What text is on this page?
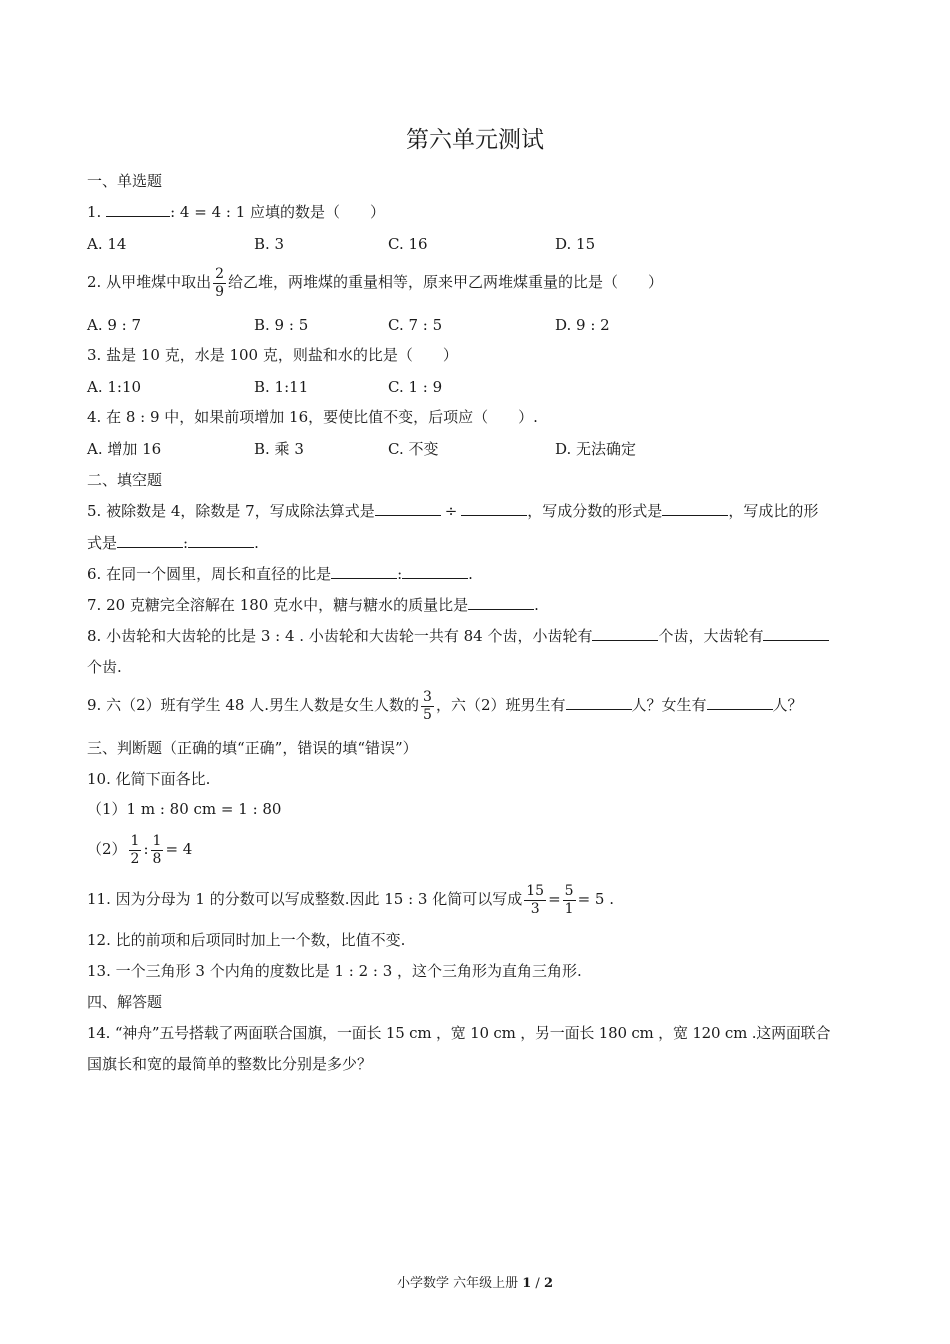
第六单元测试
一、单选题
1.	: 4 = 4 : 1 应填的数是（　　）
A. 14	B. 3	C. 16	D. 15
2. 从甲堆煤中取出 $\frac{2}{9}$ 给乙堆，两堆煤的重量相等，原来甲乙两堆煤重量的比是（　　）
A. 9 : 7	B. 9 : 5	C. 7 : 5	D. 9 : 2
3. 盐是 10 克，水是 100 克，则盐和水的比是（　　）
A. 1:10	B. 1:11	C. 1 : 9
4. 在 8 : 9 中，如果前项增加 16，要使比值不变，后项应（　　）.
A. 增加 16	B. 乘 3	C. 不变	D. 无法确定
二、填空题
5. 被除数是 4，除数是 7，写成除法算式是	÷	，写成分数的形式是	，写成比的形
式是	:	.
6. 在同一个圆里，周长和直径的比是	:	.
7. 20 克糖完全溶解在 180 克水中，糖与糖水的质量比是	.
8. 小齿轮和大齿轮的比是 3 : 4 . 小齿轮和大齿轮一共有 84 个齿，小齿轮有	个齿，大齿轮有
个齿.
9. 六（2）班有学生 48 人.男生人数是女生人数的 $\frac{3}{5}$ ，六（2）班男生有	人？女生有	人？
三、判断题（正确的填“正确”，错误的填“错误”）
10. 化简下面各比.
（1）1 m : 80 cm = 1 : 80
$(2) \frac{1}{2}$ : $\frac{1}{8} = 4$
11. 因为分母为 1 的分数可以写成整数.因此 15 : 3 化简可以写成 $\frac{15}{3} = \frac{5}{1} = 5$ .
12. 比的前项和后项同时加上一个数，比值不变.
13. 一个三角形 3 个内角的度数比是 1 : 2 : 3 ，这个三角形为直角三角形.
四、解答题
14. “神舟”五号搭载了两面联合国旗，一面长 15 cm ，宽 10 cm ，另一面长 180 cm ，宽 120 cm .这两面联合
国旗长和宽的最简单的整数比分别是多少？
小学数学 六年级上册 1 / 2
